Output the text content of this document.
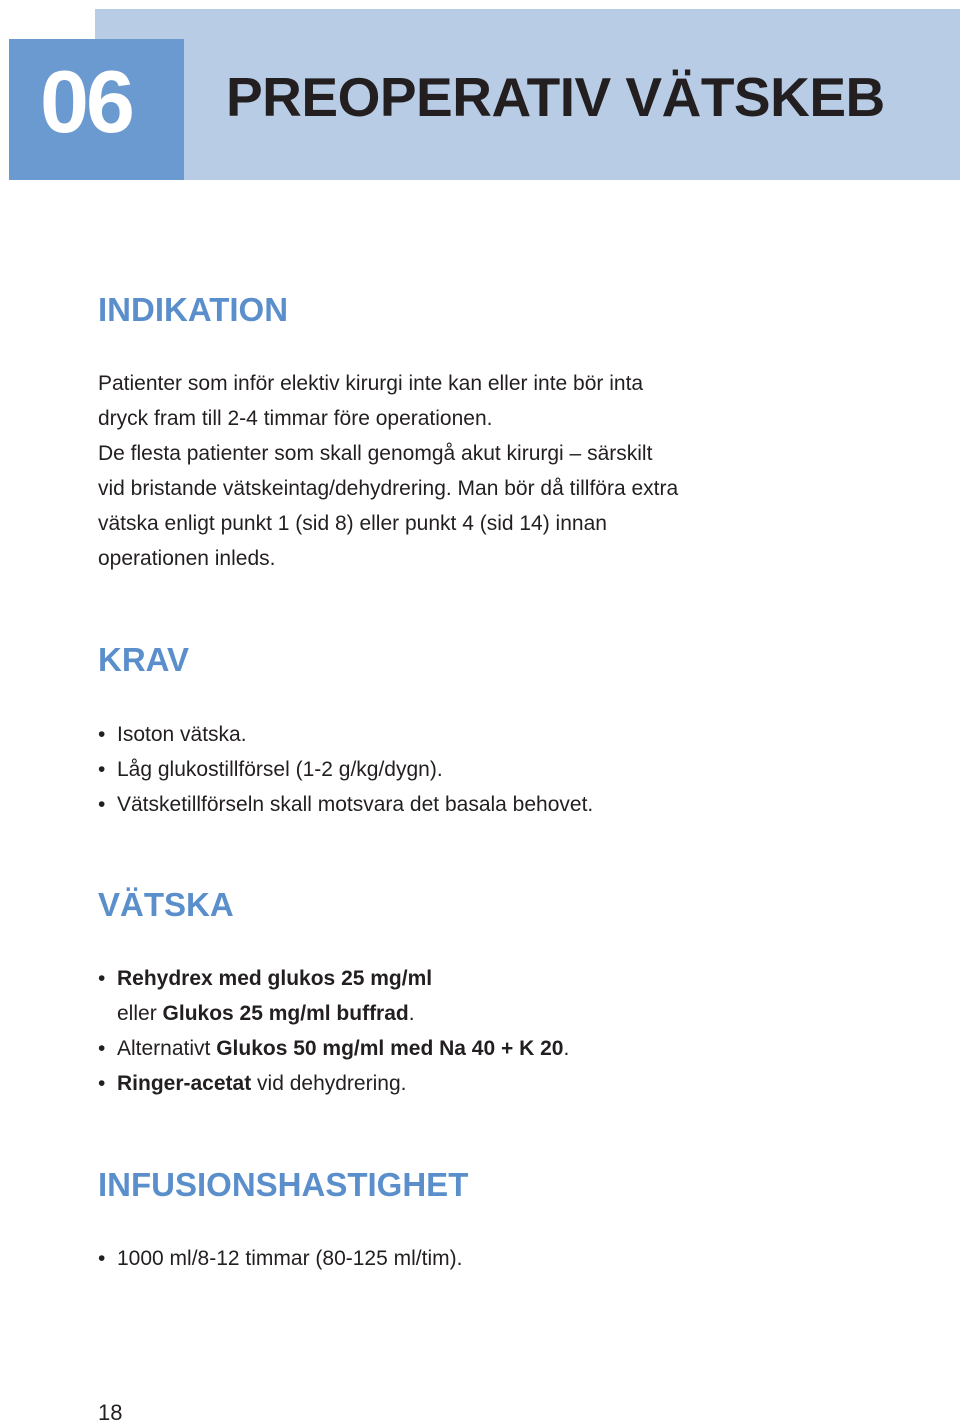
06 PREOPERATIV VÄTSKEB
INDIKATION

Patienter som inför elektiv kirurgi inte kan eller inte bör inta
dryck fram till 2-4 timmar före operationen.
De flesta patienter som skall genomgå akut kirurgi – särskilt
vid bristande vätskeintag/dehydrering. Man bör då tillföra extra
vätska enligt punkt 1 (sid 8) eller punkt 4 (sid 14) innan
operationen inleds.

KRAV
• Isoton vätska.
• Låg glukostillförsel (1-2 g/kg/dygn).
• Vätsketillförseln skall motsvara det basala behovet.
VÄTSKA
• Rehydrex med glukos 25 mg/ml
eller Glukos 25 mg/ml buffrad.
• Alternativt Glukos 50 mg/ml med Na 40 + K 20.
• Ringer-acetat vid dehydrering.
INFUSIONSHASTIGHET
• 1000 ml/8-12 timmar (80-125 ml/tim).
18
